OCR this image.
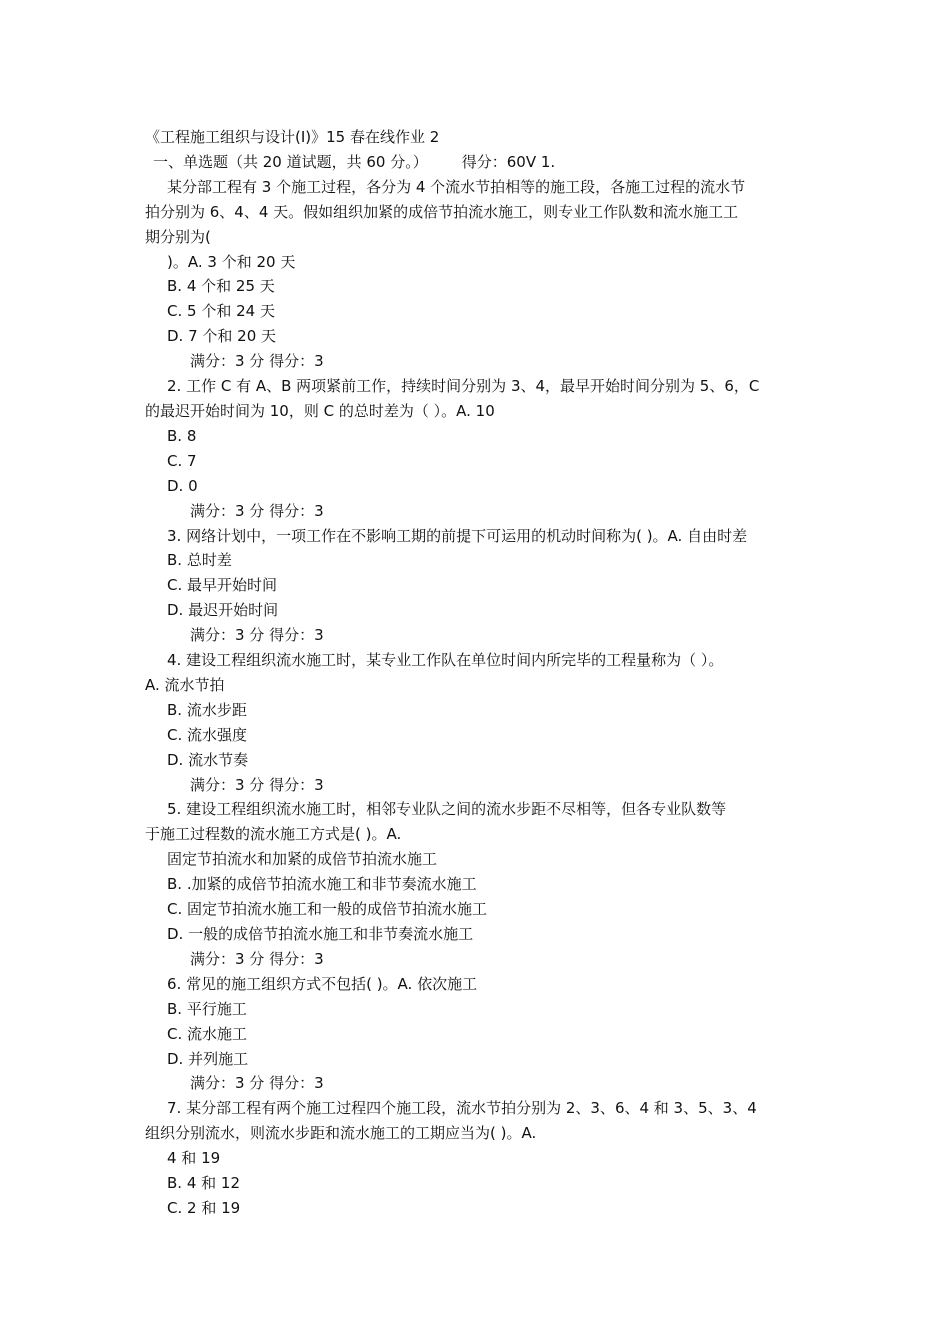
《工程施工组织与设计(I)》15 春在线作业 2
一、单选题（共 20 道试题，共 60 分。） 得分：60V 1.
某分部工程有 3 个施工过程，各分为 4 个流水节拍相等的施工段，各施工过程的流水节
拍分别为 6、4、4 天。假如组织加紧的成倍节拍流水施工，则专业工作队数和流水施工工
期分别为(
)。A. 3 个和 20 天
B. 4 个和 25 天
C. 5 个和 24 天
D. 7 个和 20 天
满分：3 分 得分：3
2. 工作 C 有 A、B 两项紧前工作，持续时间分别为 3、4，最早开始时间分别为 5、6，C
的最迟开始时间为 10，则 C 的总时差为（ ）。A. 10
B. 8
C. 7
D. 0
满分：3 分 得分：3
3. 网络计划中，一项工作在不影响工期的前提下可运用的机动时间称为( )。A. 自由时差
B. 总时差
C. 最早开始时间
D. 最迟开始时间
满分：3 分 得分：3
4. 建设工程组织流水施工时，某专业工作队在单位时间内所完毕的工程量称为（ ）。
A. 流水节拍
B. 流水步距
C. 流水强度
D. 流水节奏
满分：3 分 得分：3
5. 建设工程组织流水施工时，相邻专业队之间的流水步距不尽相等，但各专业队数等
于施工过程数的流水施工方式是( )。A.
固定节拍流水和加紧的成倍节拍流水施工
B. .加紧的成倍节拍流水施工和非节奏流水施工
C. 固定节拍流水施工和一般的成倍节拍流水施工
D. 一般的成倍节拍流水施工和非节奏流水施工
满分：3 分 得分：3
6. 常见的施工组织方式不包括( )。A. 依次施工
B. 平行施工
C. 流水施工
D. 并列施工
满分：3 分 得分：3
7. 某分部工程有两个施工过程四个施工段，流水节拍分别为 2、3、6、4 和 3、5、3、4
组织分别流水，则流水步距和流水施工的工期应当为( )。A.
4 和 19
B. 4 和 12
C. 2 和 19
